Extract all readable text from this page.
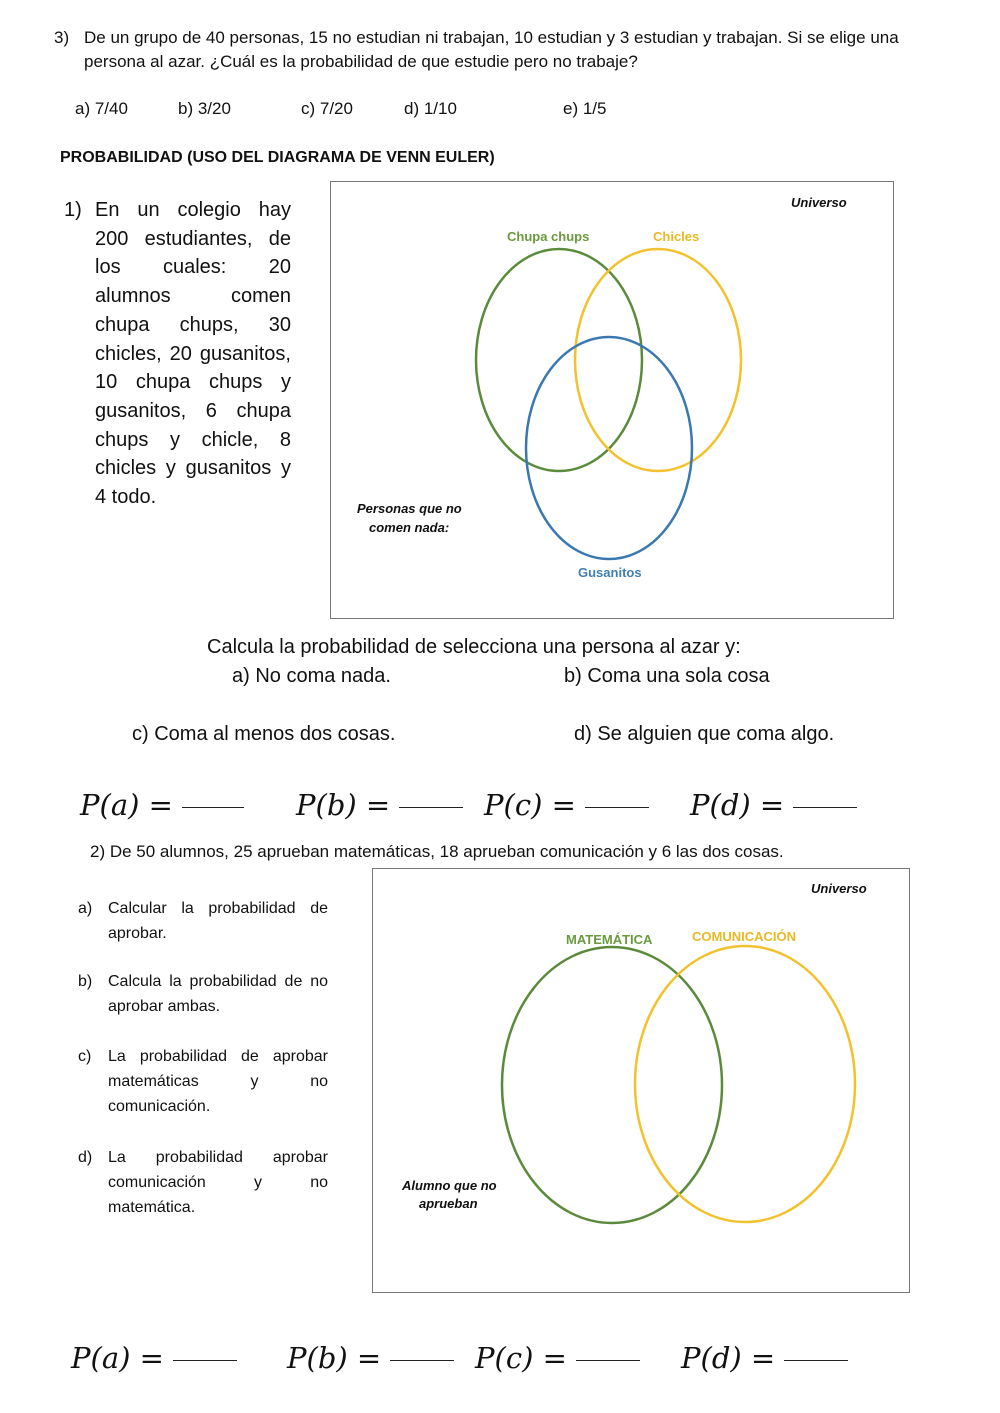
3) De un grupo de 40 personas, 15 no estudian ni trabajan, 10 estudian y 3 estudian y trabajan. Si se elige una persona al azar. ¿Cuál es la probabilidad de que estudie pero no trabaje?
a) 7/40	b) 3/20	c) 7/20	d) 1/10	e) 1/5
PROBABILIDAD (USO DEL DIAGRAMA DE VENN EULER)
1) En un colegio hay 200 estudiantes, de los cuales: 20 alumnos comen chupa chups, 30 chicles, 20 gusanitos, 10 chupa chups y gusanitos, 6 chupa chups y chicle, 8 chicles y gusanitos y 4 todo.
Universo
Chupa chups	Chicles
Gusanitos
Personas que no
comen nada:
Calcula la probabilidad de selecciona una persona al azar y:
a) No coma nada.	b) Coma una sola cosa
c) Coma al menos dos cosas.	d) Se alguien que coma algo.
P(a) =	P(b) =	P(c) =	P(d) =
2) De 50 alumnos, 25 aprueban matemáticas, 18 aprueban comunicación y 6 las dos cosas.
a) Calcular la probabilidad de aprobar.
b) Calcula la probabilidad de no aprobar ambas.
c) La probabilidad de aprobar matemáticas y no comunicación.
d) La probabilidad aprobar comunicación y no matemática.
Universo
MATEMÁTICA	COMUNICACIÓN
Alumno que no
aprueban
P(a) =	P(b) =	P(c) =	P(d) =
